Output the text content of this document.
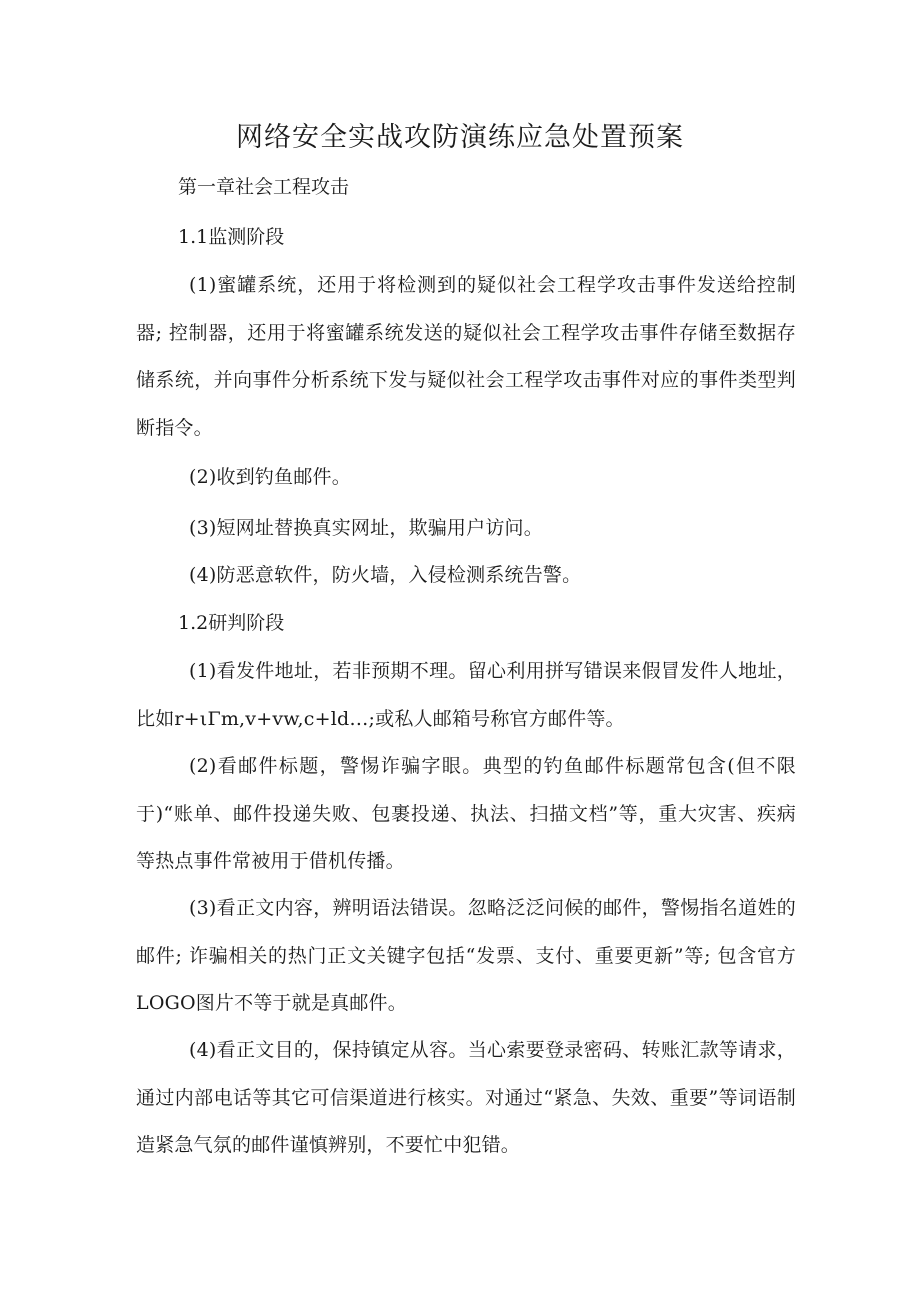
网络安全实战攻防演练应急处置预案

第一章社会工程攻击

1.1监测阶段

(1)蜜罐系统，还用于将检测到的疑似社会工程学攻击事件发送给控制器; 控制器，还用于将蜜罐系统发送的疑似社会工程学攻击事件存储至数据存储系统，并向事件分析系统下发与疑似社会工程学攻击事件对应的事件类型判断指令。

(2)收到钓鱼邮件。

(3)短网址替换真实网址，欺骗用户访问。

(4)防恶意软件，防火墙，入侵检测系统告警。

1.2研判阶段

(1)看发件地址，若非预期不理。留心利用拼写错误来假冒发件人地址，比如r+ιΓm,v+vw,c+ld…;或私人邮箱号称官方邮件等。

(2)看邮件标题，警惕诈骗字眼。典型的钓鱼邮件标题常包含(但不限于)“账单、邮件投递失败、包裹投递、执法、扫描文档”等，重大灾害、疾病等热点事件常被用于借机传播。

(3)看正文内容，辨明语法错误。忽略泛泛问候的邮件，警惕指名道姓的邮件; 诈骗相关的热门正文关键字包括“发票、支付、重要更新”等; 包含官方LOGO图片不等于就是真邮件。

(4)看正文目的，保持镇定从容。当心索要登录密码、转账汇款等请求，通过内部电话等其它可信渠道进行核实。对通过“紧急、失效、重要”等词语制造紧急气氛的邮件谨慎辨别，不要忙中犯错。
